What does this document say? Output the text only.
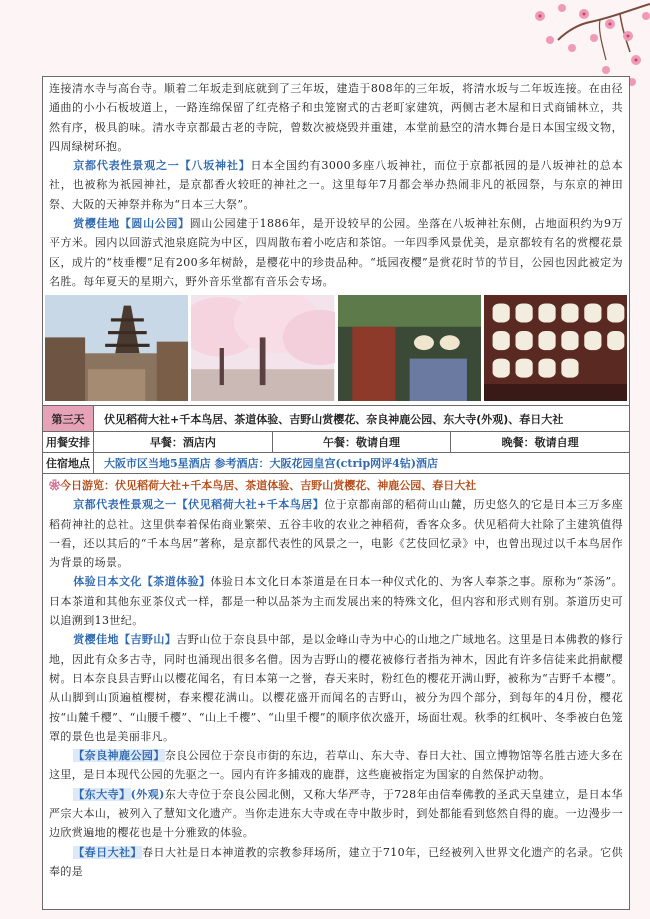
连接清水寺与高台寺。顺着二年坂走到底就到了三年坂，建造于808年的三年坂，将清水坂与二年坂连接。在由径通曲的小小石板坡道上，一路连绵保留了红壳格子和虫笼窗式的古老町家建筑，两侧古老木屋和日式商铺林立，共然有序，极具韵味。清水寺京都最古老的寺院，曾数次被烧毁并重建，本堂前悬空的清水舞台是日本国宝级文物，四周绿树环抱。

京都代表性景观之一【八坂神社】日本全国约有3000多座八坂神社，而位于京都祇园的是八坂神社的总本社，也被称为祇园神社，是京都香火较旺的神社之一。这里每年7月都会举办热闹非凡的祇园祭，与东京的神田祭、大阪的天神祭并称为“日本三大祭”。

赏樱佳地【圆山公园】圆山公园建于1886年，是开设较早的公园。坐落在八坂神社东侧，占地面积约为9万平方米。园内以回游式池泉庭院为中区，四周散布着小吃店和茶馆。一年四季风景优美，是京都较有名的赏樱花景区，成片的“枝垂樱”足有200多年树龄，是樱花中的珍贵品种。“坻园夜樱”是赏花时节的节目，公园也因此被定为名胜。每年夏天的星期六，野外音乐堂都有音乐会专场。

第三天	伏见稻荷大社+千本鸟居、茶道体验、吉野山赏樱花、奈良神鹿公园、东大寺(外观)、春日大社
用餐安排	早餐：酒店内	午餐：敬请自理	晚餐：敬请自理
住宿地点	大阪市区当地5星酒店 参考酒店：大阪花园皇宫(ctrip网评4钻)酒店
❀今日游览：伏见稻荷大社+千本鸟居、茶道体验、吉野山赏樱花、神鹿公园、春日大社

京都代表性景观之一【伏见稻荷大社+千本鸟居】位于京都南部的稻荷山山麓，历史悠久的它是日本三万多座稻荷神社的总社。这里供奉着保佑商业繁荣、五谷丰收的农业之神稻荷，香客众多。伏见稻荷大社除了主建筑值得一看，还以其后的“千本鸟居”著称，是京都代表性的风景之一，电影《艺伎回忆录》中，也曾出现过以千本鸟居作为背景的场景。

体验日本文化【茶道体验】体验日本文化日本茶道是在日本一种仪式化的、为客人奉茶之事。原称为“茶汤”。日本茶道和其他东亚茶仪式一样，都是一种以品茶为主而发展出来的特殊文化，但内容和形式则有别。茶道历史可以追溯到13世纪。

赏樱佳地【吉野山】吉野山位于奈良县中部，是以金峰山寺为中心的山地之广域地名。这里是日本佛教的修行地，因此有众多古寺，同时也涌现出很多名僧。因为吉野山的樱花被修行者指为神木，因此有许多信徒来此捐献樱树。日本奈良县吉野山以樱花闻名，有日本第一之誉，春天来时，粉红色的樱花开满山野，被称为“吉野千本樱”。从山脚到山顶遍植樱树，春来樱花满山。以樱花盛开而闻名的吉野山，被分为四个部分，到每年的4月份，樱花按“山麓千樱”、“山腰千樱”、“山上千樱”、“山里千樱”的顺序依次盛开，场面壮观。秋季的红枫叶、冬季被白色笼罩的景色也是美丽非凡。

【奈良神鹿公园】奈良公园位于奈良市街的东边，若草山、东大寺、春日大社、国立博物馆等名胜古迹大多在这里，是日本现代公园的先驱之一。园内有许多捕戏的鹿群，这些鹿被指定为国家的自然保护动物。

【东大寺】(外观)东大寺位于奈良公园北侧，又称大华严寺，于728年由信奉佛教的圣武天皇建立，是日本华严宗大本山，被列入了慧知文化遗产。当你走进东大寺或在寺中散步时，到处都能看到悠然自得的鹿。一边漫步一边欣赏遍地的樱花也是十分雅致的体验。

【春日大社】春日大社是日本神道教的宗教参拜场所，建立于710年，已经被列入世界文化遗产的名录。它供奉的是
